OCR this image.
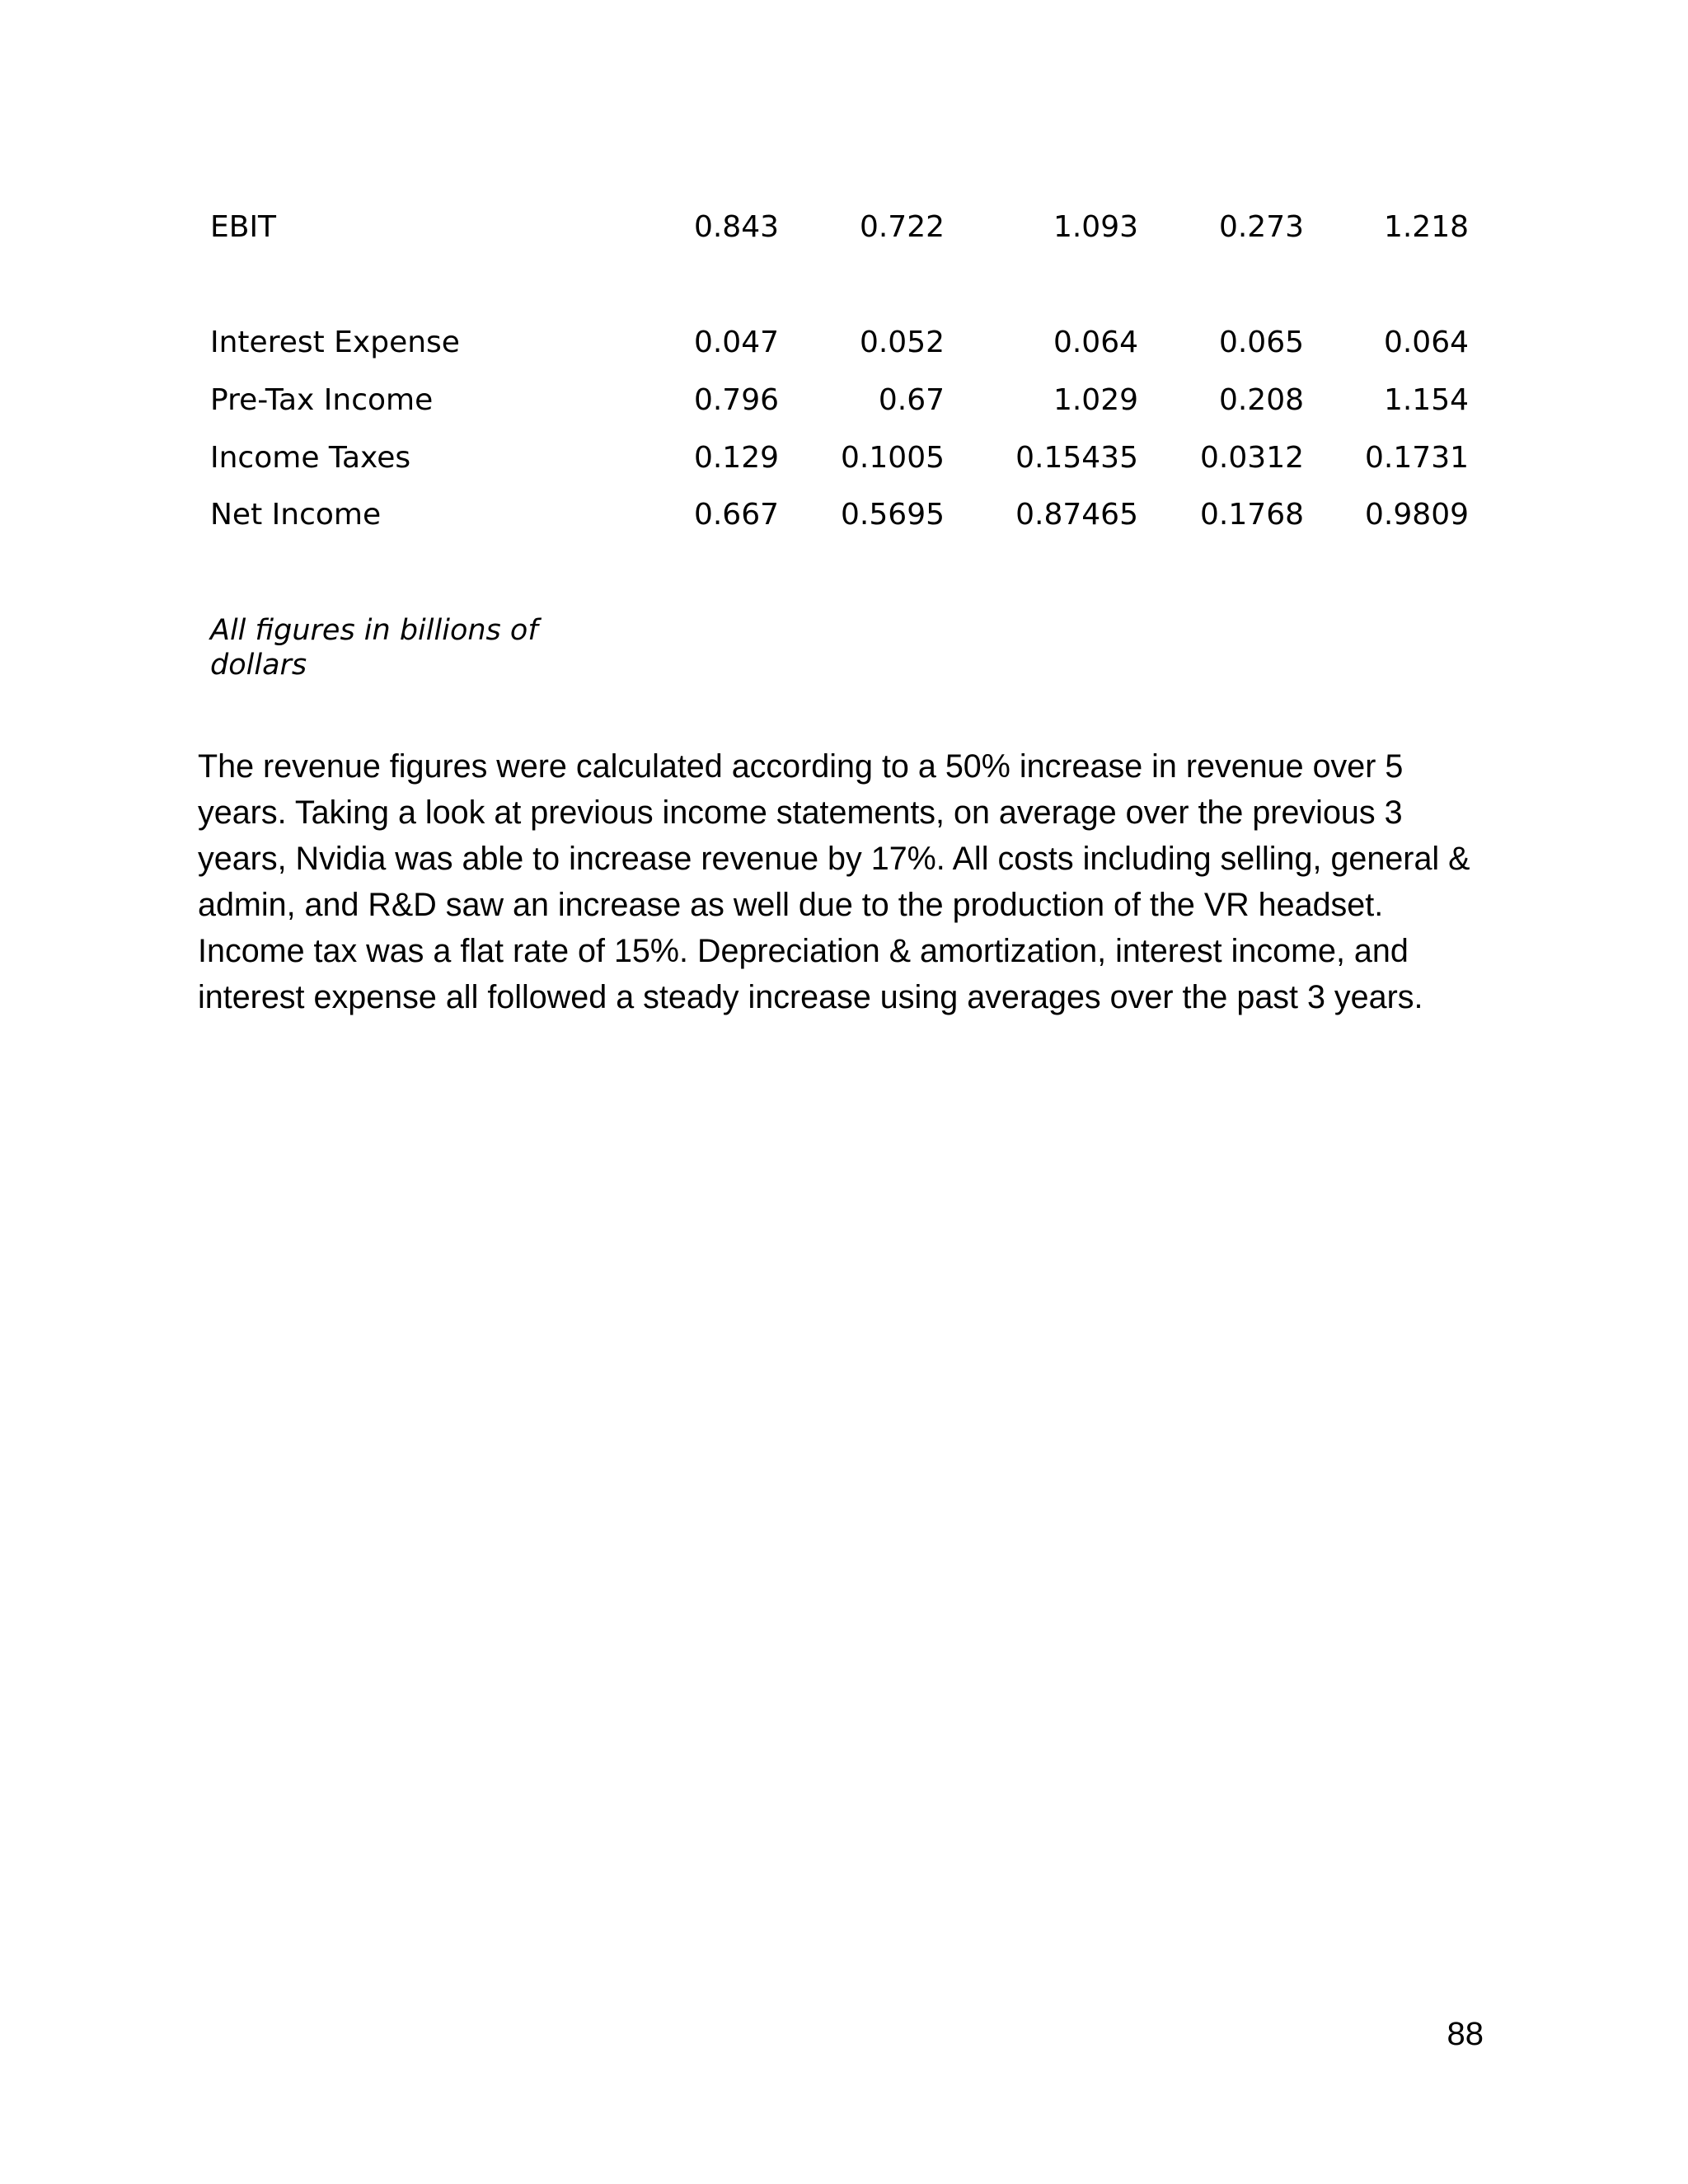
EBIT	0.843	0.722	1.093	0.273	1.218
Interest Expense	0.047	0.052	0.064	0.065	0.064
Pre-Tax Income	0.796	0.67	1.029	0.208	1.154
Income Taxes	0.129 0.1005 0.15435 0.0312 0.1731
Net Income	0.667 0.5695 0.87465 0.1768 0.9809
All figures in billions of dollars

The revenue figures were calculated according to a 50% increase in revenue over 5 years. Taking a look at previous income statements, on average over the previous 3 years, Nvidia was able to increase revenue by 17%. All costs including selling, general & admin, and R&D saw an increase as well due to the production of the VR headset. Income tax was a flat rate of 15%. Depreciation & amortization, interest income, and interest expense all followed a steady increase using averages over the past 3 years.

88
